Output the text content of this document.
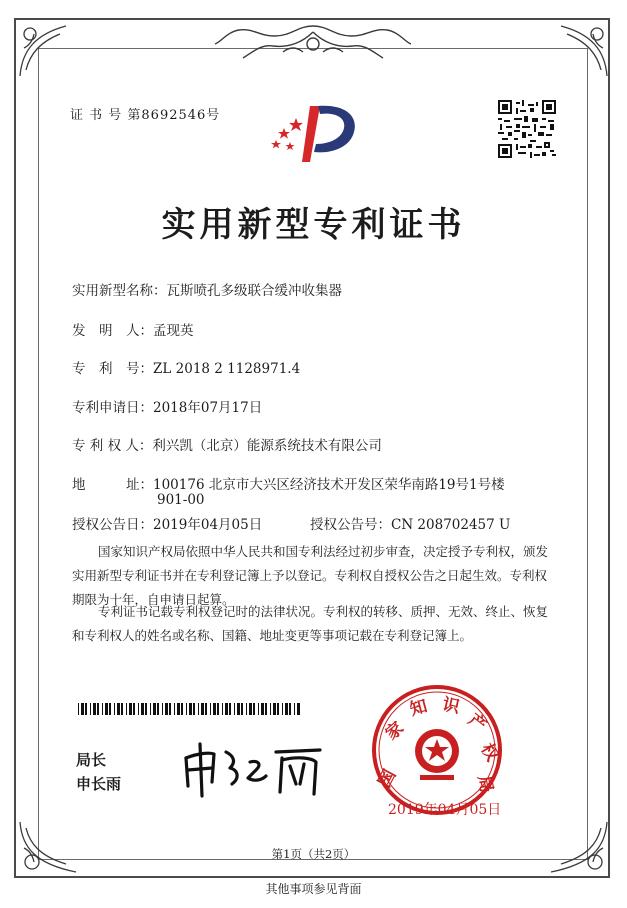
证 书 号 第8692546号
实用新型专利证书
实用新型名称：瓦斯喷孔多级联合缓冲收集器
发　明　人：孟现英
专　利　号：ZL 2018 2 1128971.4
专利申请日：2018年07月17日
专 利 权 人：利兴凯（北京）能源系统技术有限公司
地　　　址：100176 北京市大兴区经济技术开发区荣华南路19号1号楼
901-00
授权公告日：2019年04月05日	授权公告号：CN 208702457 U
国家知识产权局依照中华人民共和国专利法经过初步审查，决定授予专利权，颁发实用新型专利证书并在专利登记簿上予以登记。专利权自授权公告之日起生效。专利权期限为十年，自申请日起算。
专利证书记载专利权登记时的法律状况。专利权的转移、质押、无效、终止、恢复和专利权人的姓名或名称、国籍、地址变更等事项记载在专利登记簿上。
局长
申长雨	国
家
知 识
产
权
局
2019年04月05日
第1页（共2页）
其他事项参见背面
